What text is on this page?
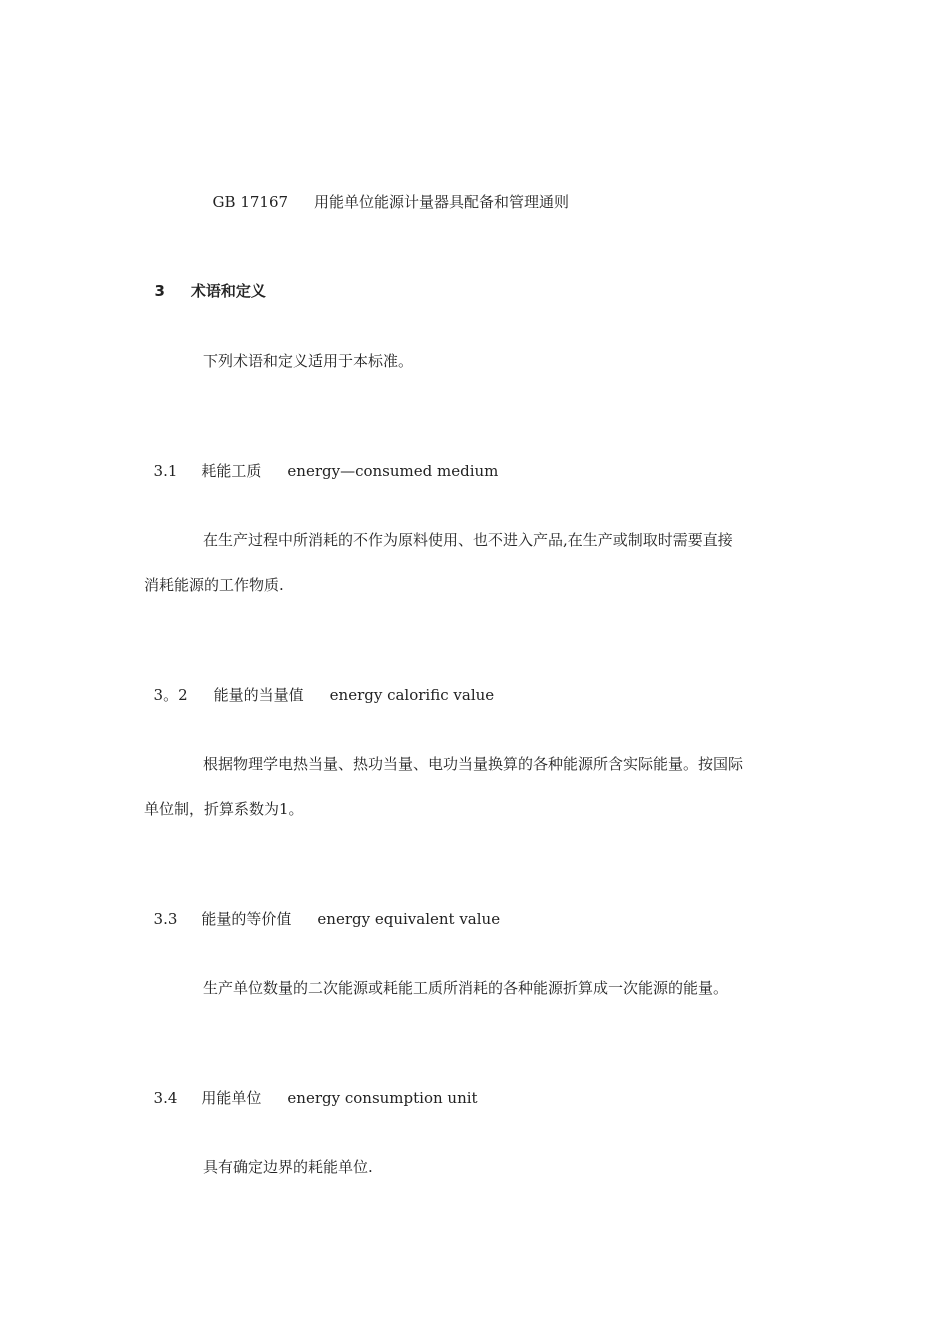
GB 17167 用能单位能源计量器具配备和管理通则

3 术语和定义

下列术语和定义适用于本标准。

3.1 耗能工质 energy—consumed medium

在生产过程中所消耗的不作为原料使用、也不进入产品,在生产或制取时需要直接
消耗能源的工作物质.

3。2 能量的当量值 energy calorific value

根据物理学电热当量、热功当量、电功当量换算的各种能源所含实际能量。按国际
单位制，折算系数为1。

3.3 能量的等价值 energy equivalent value

生产单位数量的二次能源或耗能工质所消耗的各种能源折算成一次能源的能量。

3.4 用能单位 energy consumption unit

具有确定边界的耗能单位.
